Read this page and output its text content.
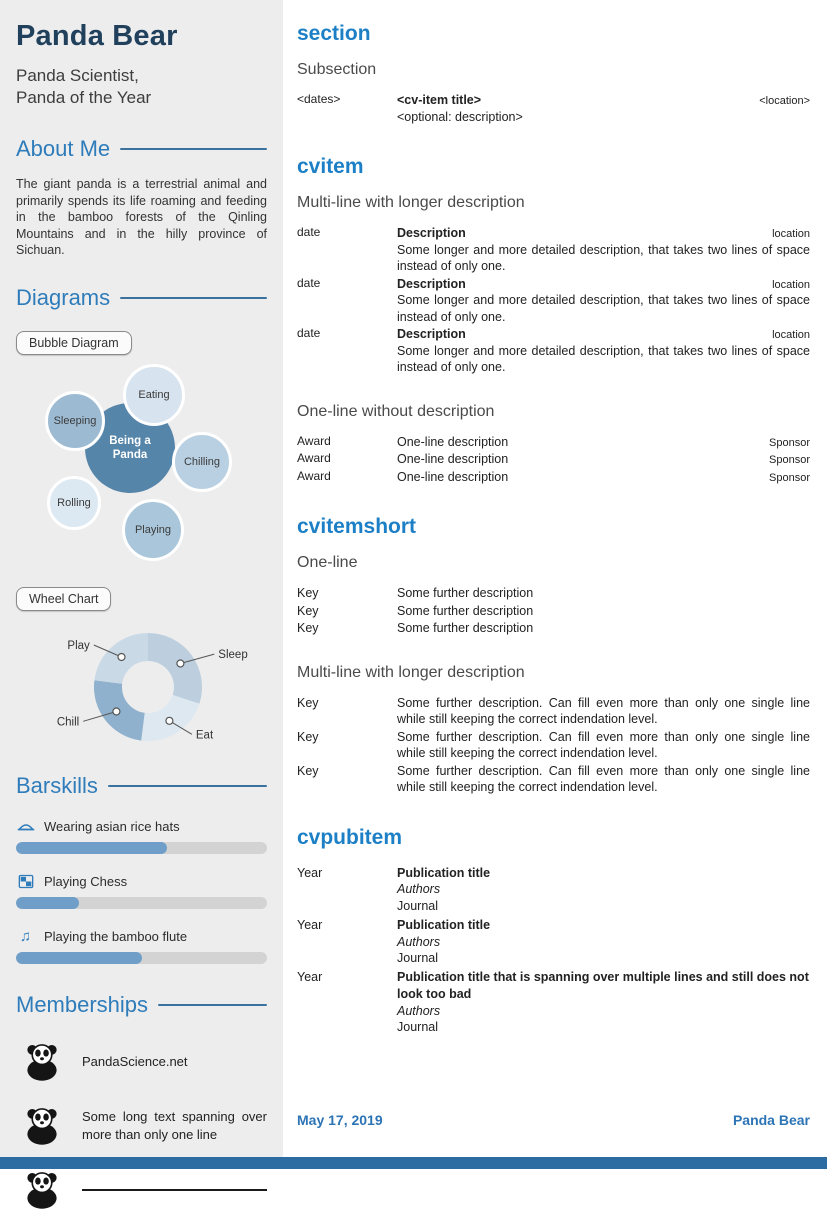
Panda Bear
Panda Scientist,
Panda of the Year
About Me
The giant panda is a terrestrial animal and primarily spends its life roaming and feeding in the bamboo forests of the Qinling Mountains and in the hilly province of Sichuan.
Diagrams
Bubble Diagram
Being a Panda
Eating
Sleeping
Chilling
Rolling
Playing
Wheel Chart
Sleep
Eat
Chill
Play
Barskills
Wearing asian rice hats
Playing Chess
♫ Playing the bamboo flute
Memberships
PandaScience.net
Some long text spanning over more than only one line
section
Subsection
<dates>	<cv-item title>	<location>
<optional: description>
cvitem
Multi-line with longer description
date	Description	location
Some longer and more detailed description, that takes two lines of space instead of only one.
date	Description	location
Some longer and more detailed description, that takes two lines of space instead of only one.
date	Description	location
Some longer and more detailed description, that takes two lines of space instead of only one.
One-line without description
Award	One-line description	Sponsor
Award	One-line description	Sponsor
Award	One-line description	Sponsor
cvitemshort
One-line
Key	Some further description
Key	Some further description
Key	Some further description
Multi-line with longer description
Key	Some further description. Can fill even more than only one single line while still keeping the correct indendation level.
Key	Some further description. Can fill even more than only one single line while still keeping the correct indendation level.
Key	Some further description. Can fill even more than only one single line while still keeping the correct indendation level.
cvpubitem
Year	Publication title
Authors
Journal
Year	Publication title
Authors
Journal
Year	Publication title that is spanning over multiple lines and still does not look too bad
Authors
Journal
May 17, 2019	Panda Bear
